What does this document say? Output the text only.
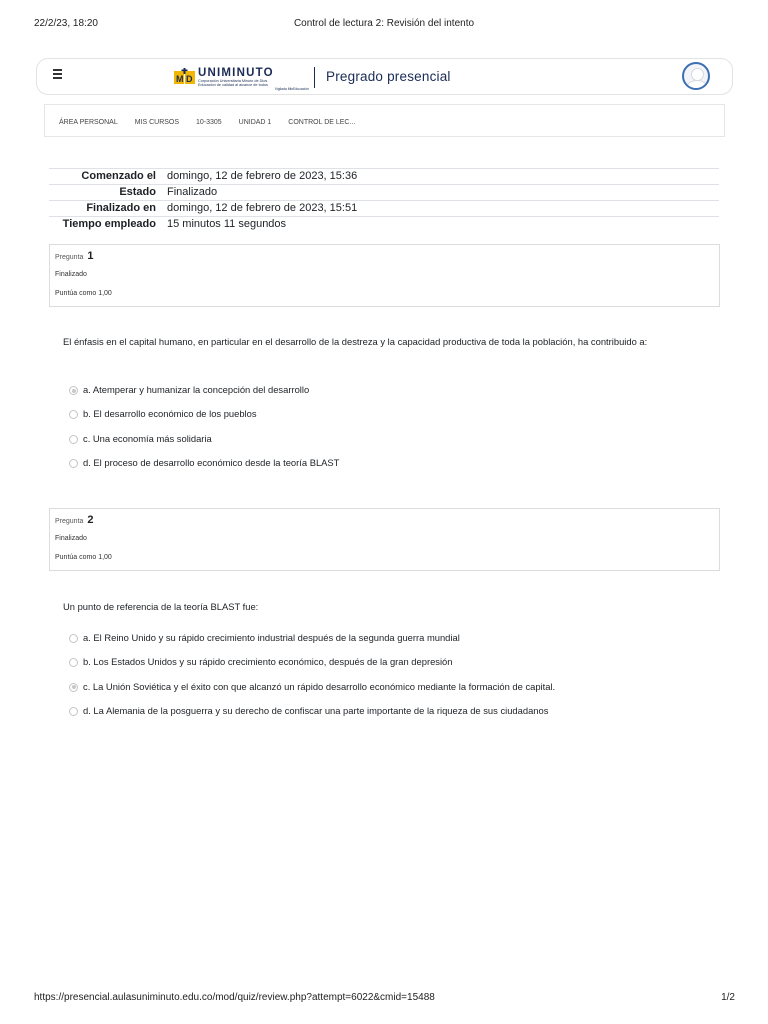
22/2/23, 18:20	Control de lectura 2: Revisión del intento
M D UNIMINUTO
Corporación Universitaria Minuto de Dios
Educación de calidad al alcance de todos
Vigilada MinEducación
Pregrado presencial
ÁREA PERSONAL MIS CURSOS 10-3305 UNIDAD 1 CONTROL DE LEC...
Comenzado el domingo, 12 de febrero de 2023, 15:36
Estado Finalizado
Finalizado en domingo, 12 de febrero de 2023, 15:51
Tiempo empleado 15 minutos 11 segundos
Pregunta 1
Finalizado
Puntúa como 1,00
El énfasis en el capital humano, en particular en el desarrollo de la destreza y la capacidad productiva de toda la población, ha contribuido a:
a. Atemperar y humanizar la concepción del desarrollo
b. El desarrollo económico de los pueblos
c. Una economía más solidaria
d. El proceso de desarrollo económico desde la teoría BLAST
Pregunta 2
Finalizado
Puntúa como 1,00
Un punto de referencia de la teoría BLAST fue:
a. El Reino Unido y su rápido crecimiento industrial después de la segunda guerra mundial
b. Los Estados Unidos y su rápido crecimiento económico, después de la gran depresión
c. La Unión Soviética y el éxito con que alcanzó un rápido desarrollo económico mediante la formación de capital.
d. La Alemania de la posguerra y su derecho de confiscar una parte importante de la riqueza de sus ciudadanos
https://presencial.aulasuniminuto.edu.co/mod/quiz/review.php?attempt=6022&cmid=15488	1/2
